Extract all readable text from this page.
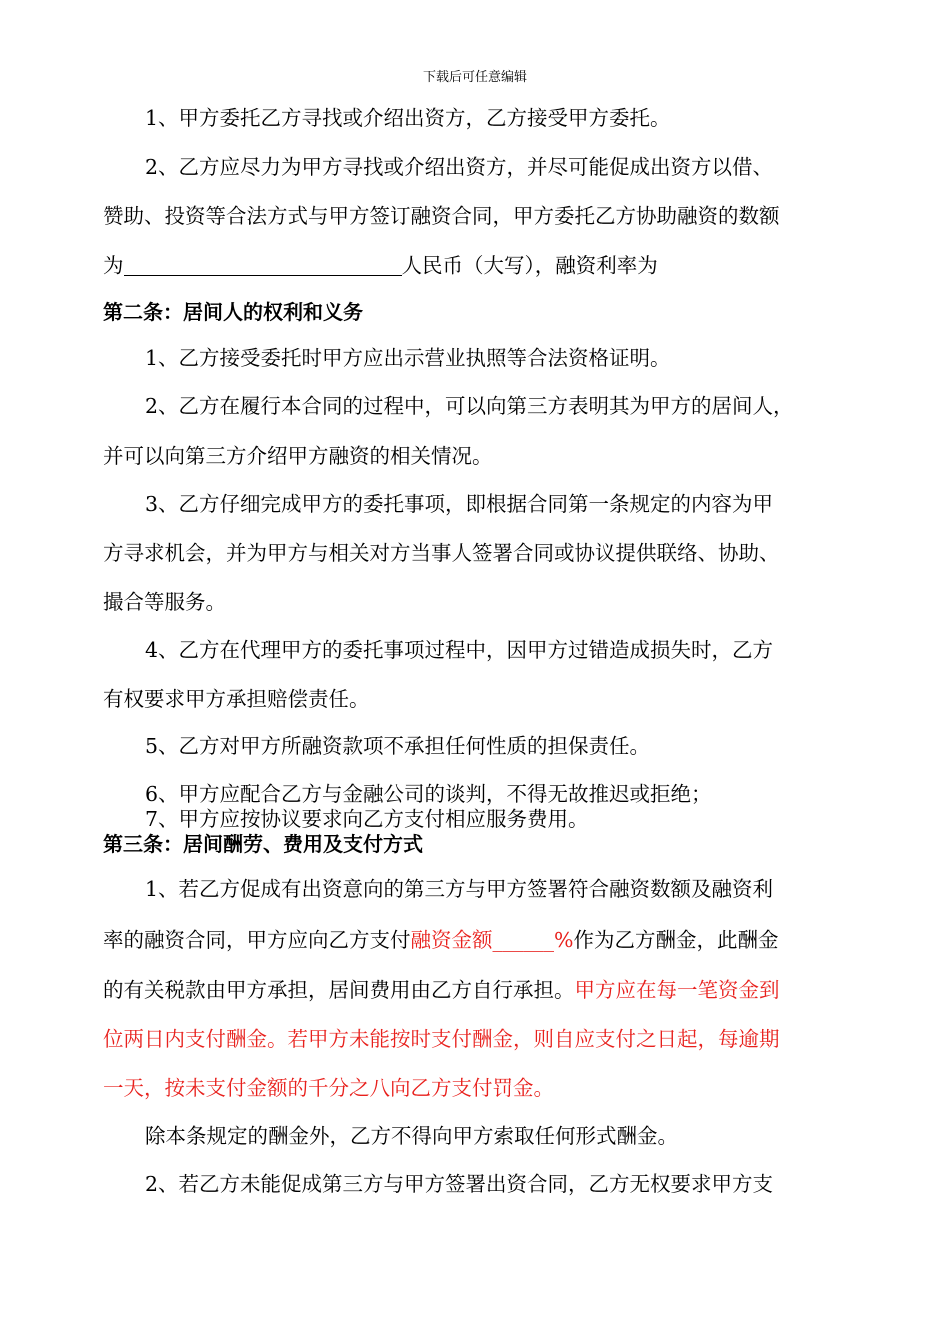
下载后可任意编辑
1、甲方委托乙方寻找或介绍出资方，乙方接受甲方委托。
2、乙方应尽力为甲方寻找或介绍出资方，并尽可能促成出资方以借、
赞助、投资等合法方式与甲方签订融资合同，甲方委托乙方协助融资的数额
为	人民币（大写），融资利率为
第二条：居间人的权利和义务
1、乙方接受委托时甲方应出示营业执照等合法资格证明。
2、乙方在履行本合同的过程中，可以向第三方表明其为甲方的居间人，
并可以向第三方介绍甲方融资的相关情况。
3、乙方仔细完成甲方的委托事项，即根据合同第一条规定的内容为甲
方寻求机会，并为甲方与相关对方当事人签署合同或协议提供联络、协助、
撮合等服务。
4、乙方在代理甲方的委托事项过程中，因甲方过错造成损失时，乙方
有权要求甲方承担赔偿责任。
5、乙方对甲方所融资款项不承担任何性质的担保责任。
6、甲方应配合乙方与金融公司的谈判，不得无故推迟或拒绝；
7、甲方应按协议要求向乙方支付相应服务费用。
第三条：居间酬劳、费用及支付方式
1、若乙方促成有出资意向的第三方与甲方签署符合融资数额及融资利
率的融资合同，甲方应向乙方支付融资金额______%作为乙方酬金，此酬金
的有关税款由甲方承担，居间费用由乙方自行承担。甲方应在每一笔资金到
位两日内支付酬金。若甲方未能按时支付酬金，则自应支付之日起，每逾期
一天，按未支付金额的千分之八向乙方支付罚金。
除本条规定的酬金外，乙方不得向甲方索取任何形式酬金。
2、若乙方未能促成第三方与甲方签署出资合同，乙方无权要求甲方支
